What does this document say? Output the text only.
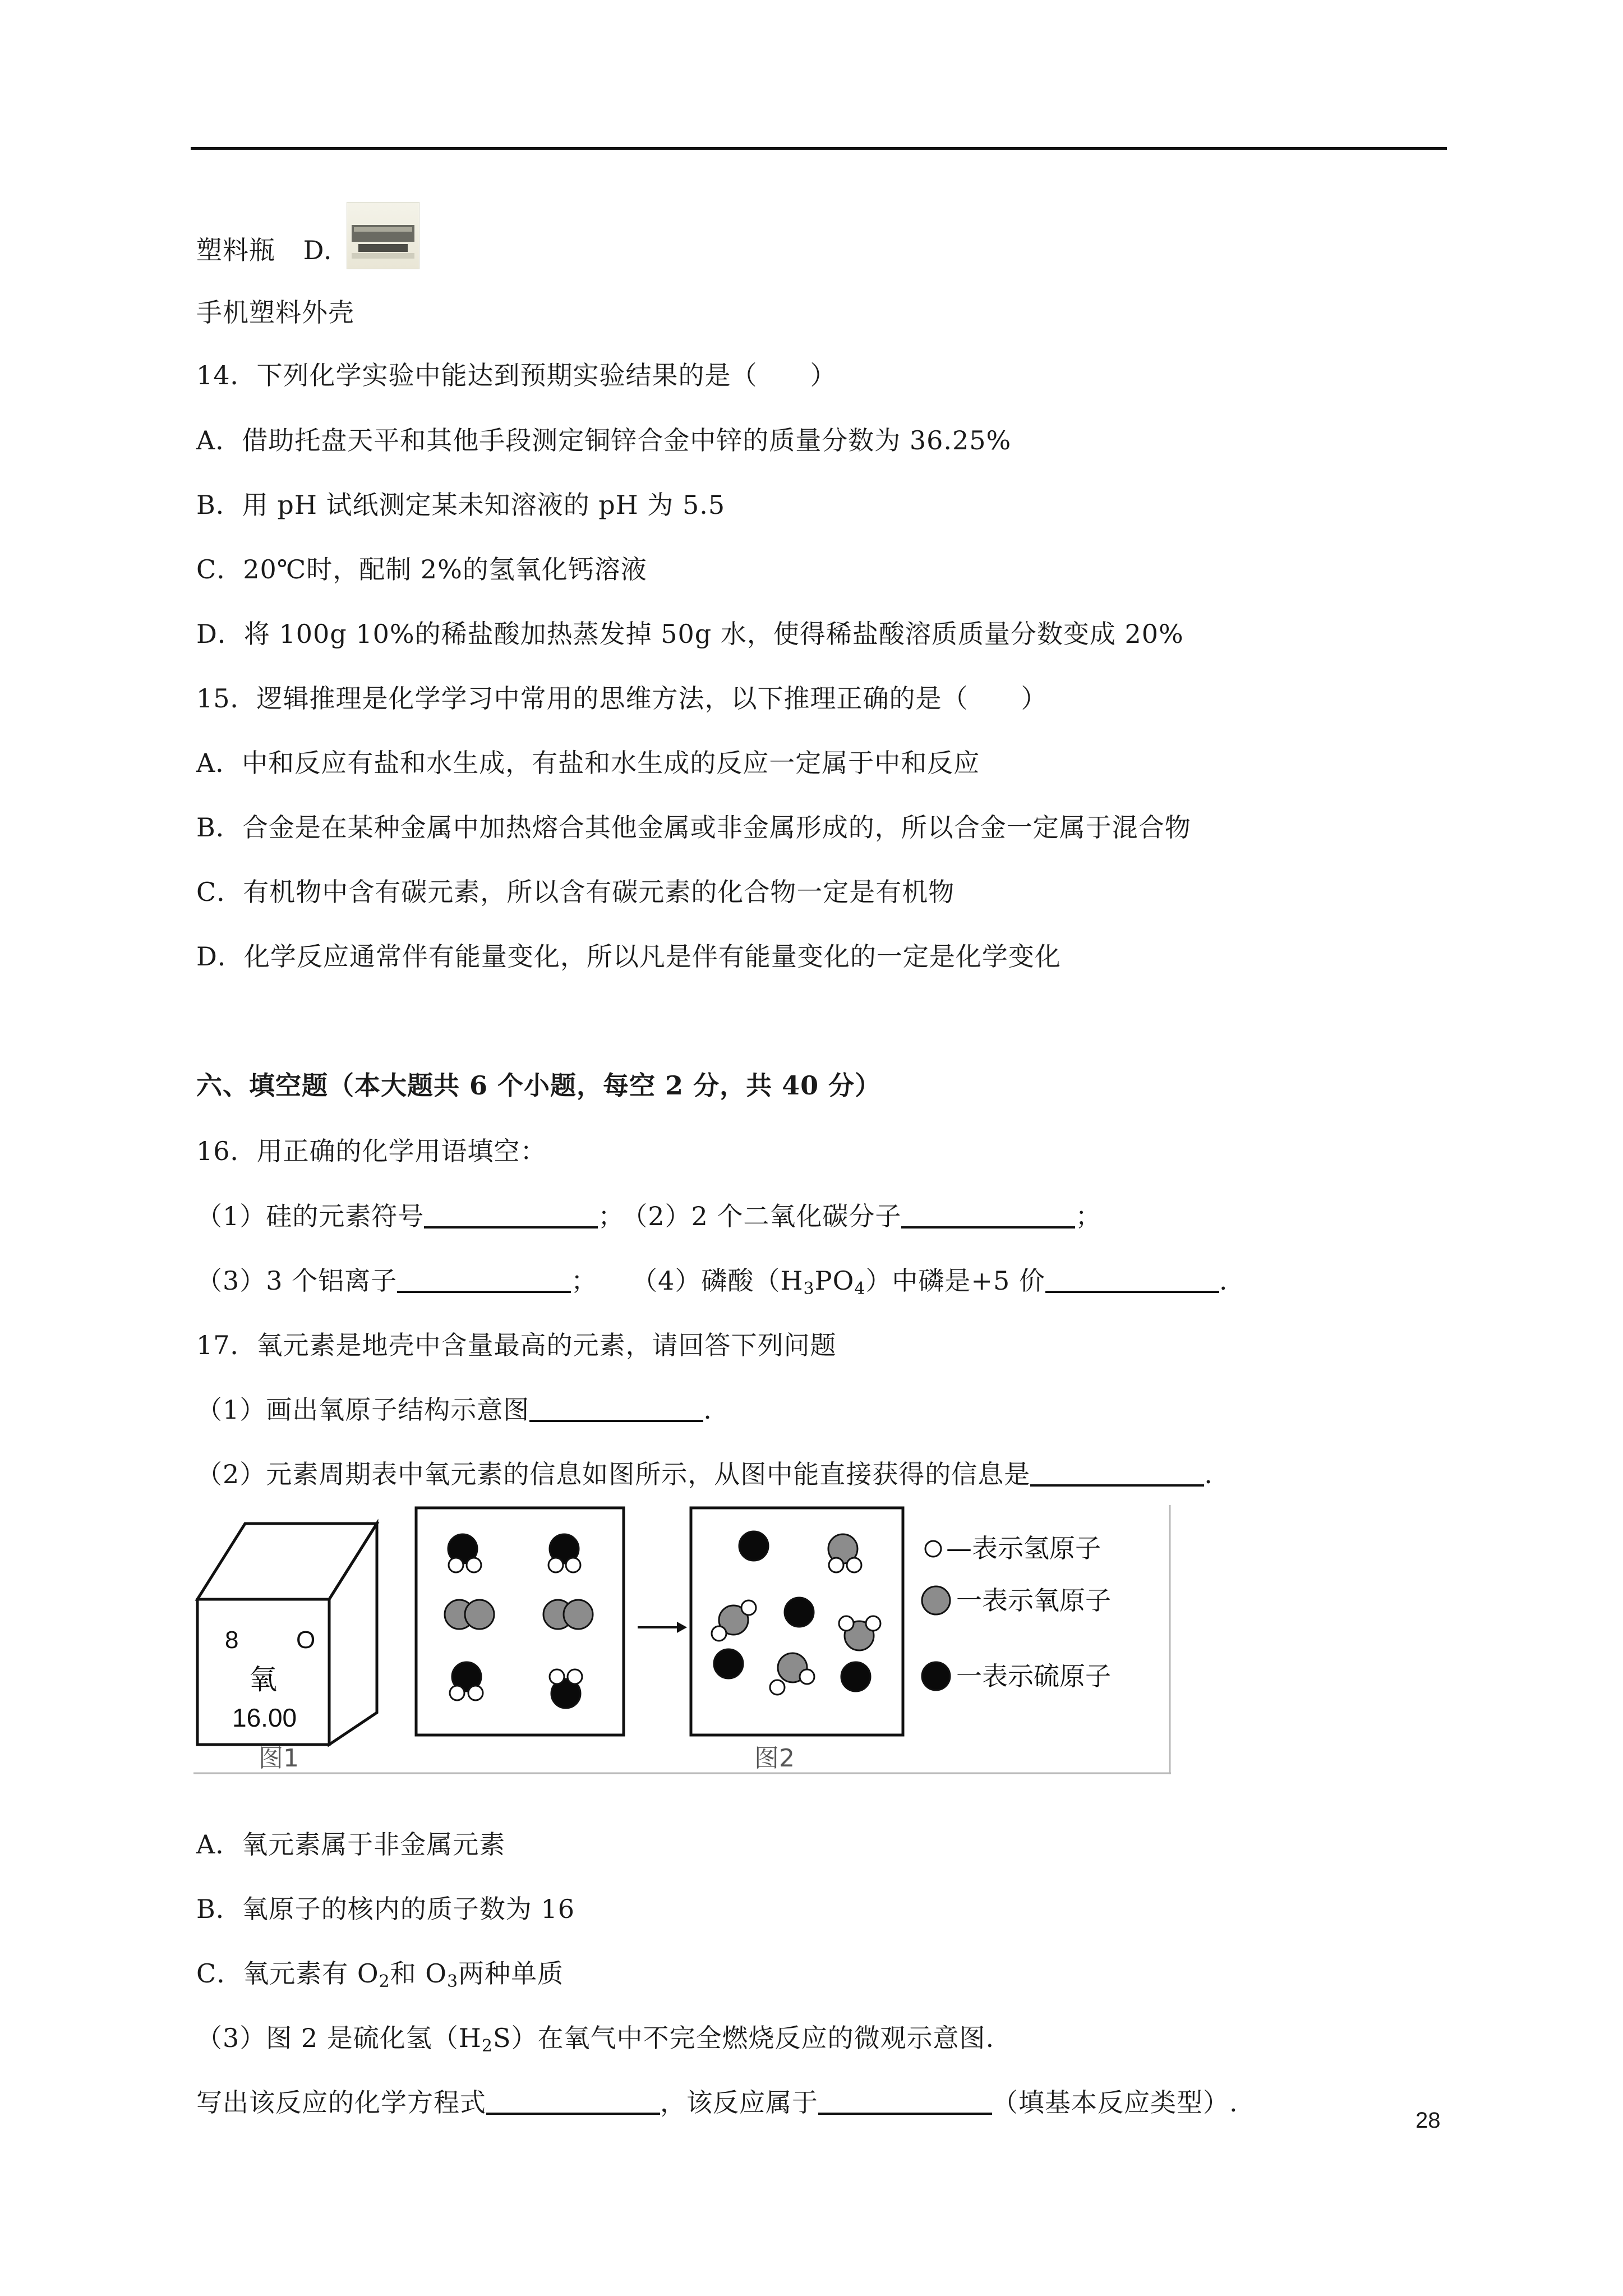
塑料瓶 D.
手机塑料外壳
14．下列化学实验中能达到预期实验结果的是（　　）
A．借助托盘天平和其他手段测定铜锌合金中锌的质量分数为 36.25%
B．用 pH 试纸测定某未知溶液的 pH 为 5.5
C．20℃时，配制 2%的氢氧化钙溶液
D．将 100g 10%的稀盐酸加热蒸发掉 50g 水，使得稀盐酸溶质质量分数变成 20%
15．逻辑推理是化学学习中常用的思维方法，以下推理正确的是（　　）
A．中和反应有盐和水生成，有盐和水生成的反应一定属于中和反应
B．合金是在某种金属中加热熔合其他金属或非金属形成的，所以合金一定属于混合物
C．有机物中含有碳元素，所以含有碳元素的化合物一定是有机物
D．化学反应通常伴有能量变化，所以凡是伴有能量变化的一定是化学变化
六、填空题（本大题共 6 个小题，每空 2 分，共 40 分）
16．用正确的化学用语填空：
（1）硅的元素符号	； （2）2 个二氧化碳分子	；
（3）3 个铝离子	； （4）磷酸$(H_3PO_4)$中磷是+5 价	.
17．氧元素是地壳中含量最高的元素，请回答下列问题
（1）画出氧原子结构示意图	.
（2）元素周期表中氧元素的信息如图所示，从图中能直接获得的信息是	.
8 O
氧
16.00
图1	图2
—表示氢原子
一表示氧原子
一表示硫原子
A．氧元素属于非金属元素
B．氧原子的核内的质子数为 16
C．氧元素有 $O_2$和 $O_3$两种单质
（3）图 2 是硫化氢$(H_2S)$在氧气中不完全燃烧反应的微观示意图.
写出该反应的化学方程式	，该反应属于	（填基本反应类型）.
28
